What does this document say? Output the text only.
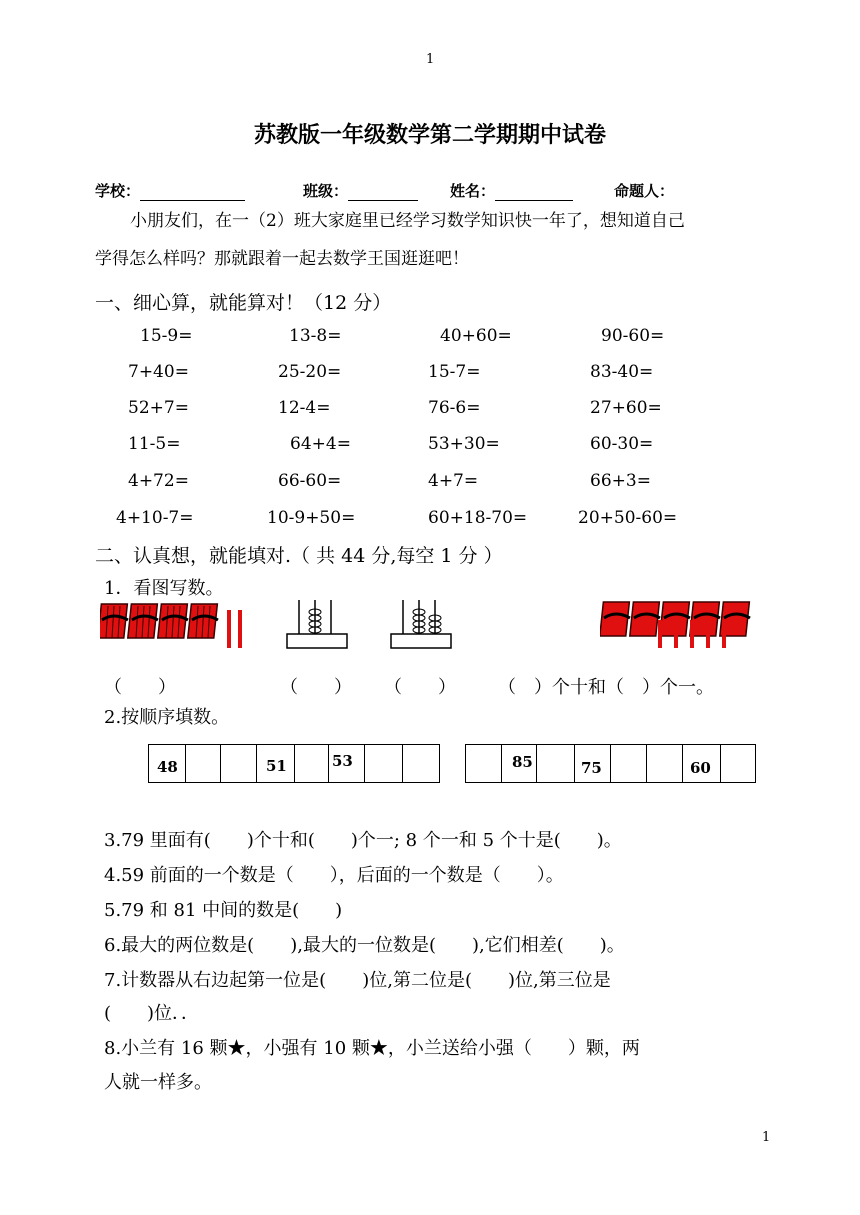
1
苏教版一年级数学第二学期期中试卷
学校：	班级：	姓名：	命题人：
小朋友们，在一（2）班大家庭里已经学习数学知识快一年了，想知道自己
学得怎么样吗？那就跟着一起去数学王国逛逛吧！
一、细心算，就能算对！（12 分）
15-9=	13-8=	40+60=	90-60=
7+40=	25-20=	15-7=	83-40=
52+7=	12-4=	76-6=	27+60=
11-5=	64+4=	53+30=	60-30=
4+72=	66-60=	4+7=	66+3=
4+10-7=	10-9+50=	60+18-70=	20+50-60=
二、认真想，就能填对.（ 共 44 分,每空 1 分 ）
1．看图写数。
（　　）	（　　） （　　） （　）个十和（　）个一。
2.按顺序填数。
48	51	53	85	75	60
3.79 里面有(　　)个十和(　　)个一; 8 个一和 5 个十是(　　)。
4.59 前面的一个数是（　　），后面的一个数是（　　）。
5.79 和 81 中间的数是(　　)
6.最大的两位数是(　　),最大的一位数是(　　),它们相差(　　)。
7.计数器从右边起第一位是(　　)位,第二位是(　　)位,第三位是
(　　)位．．
8.小兰有 16 颗★，小强有 10 颗★，小兰送给小强（　　）颗，两
人就一样多。
1
